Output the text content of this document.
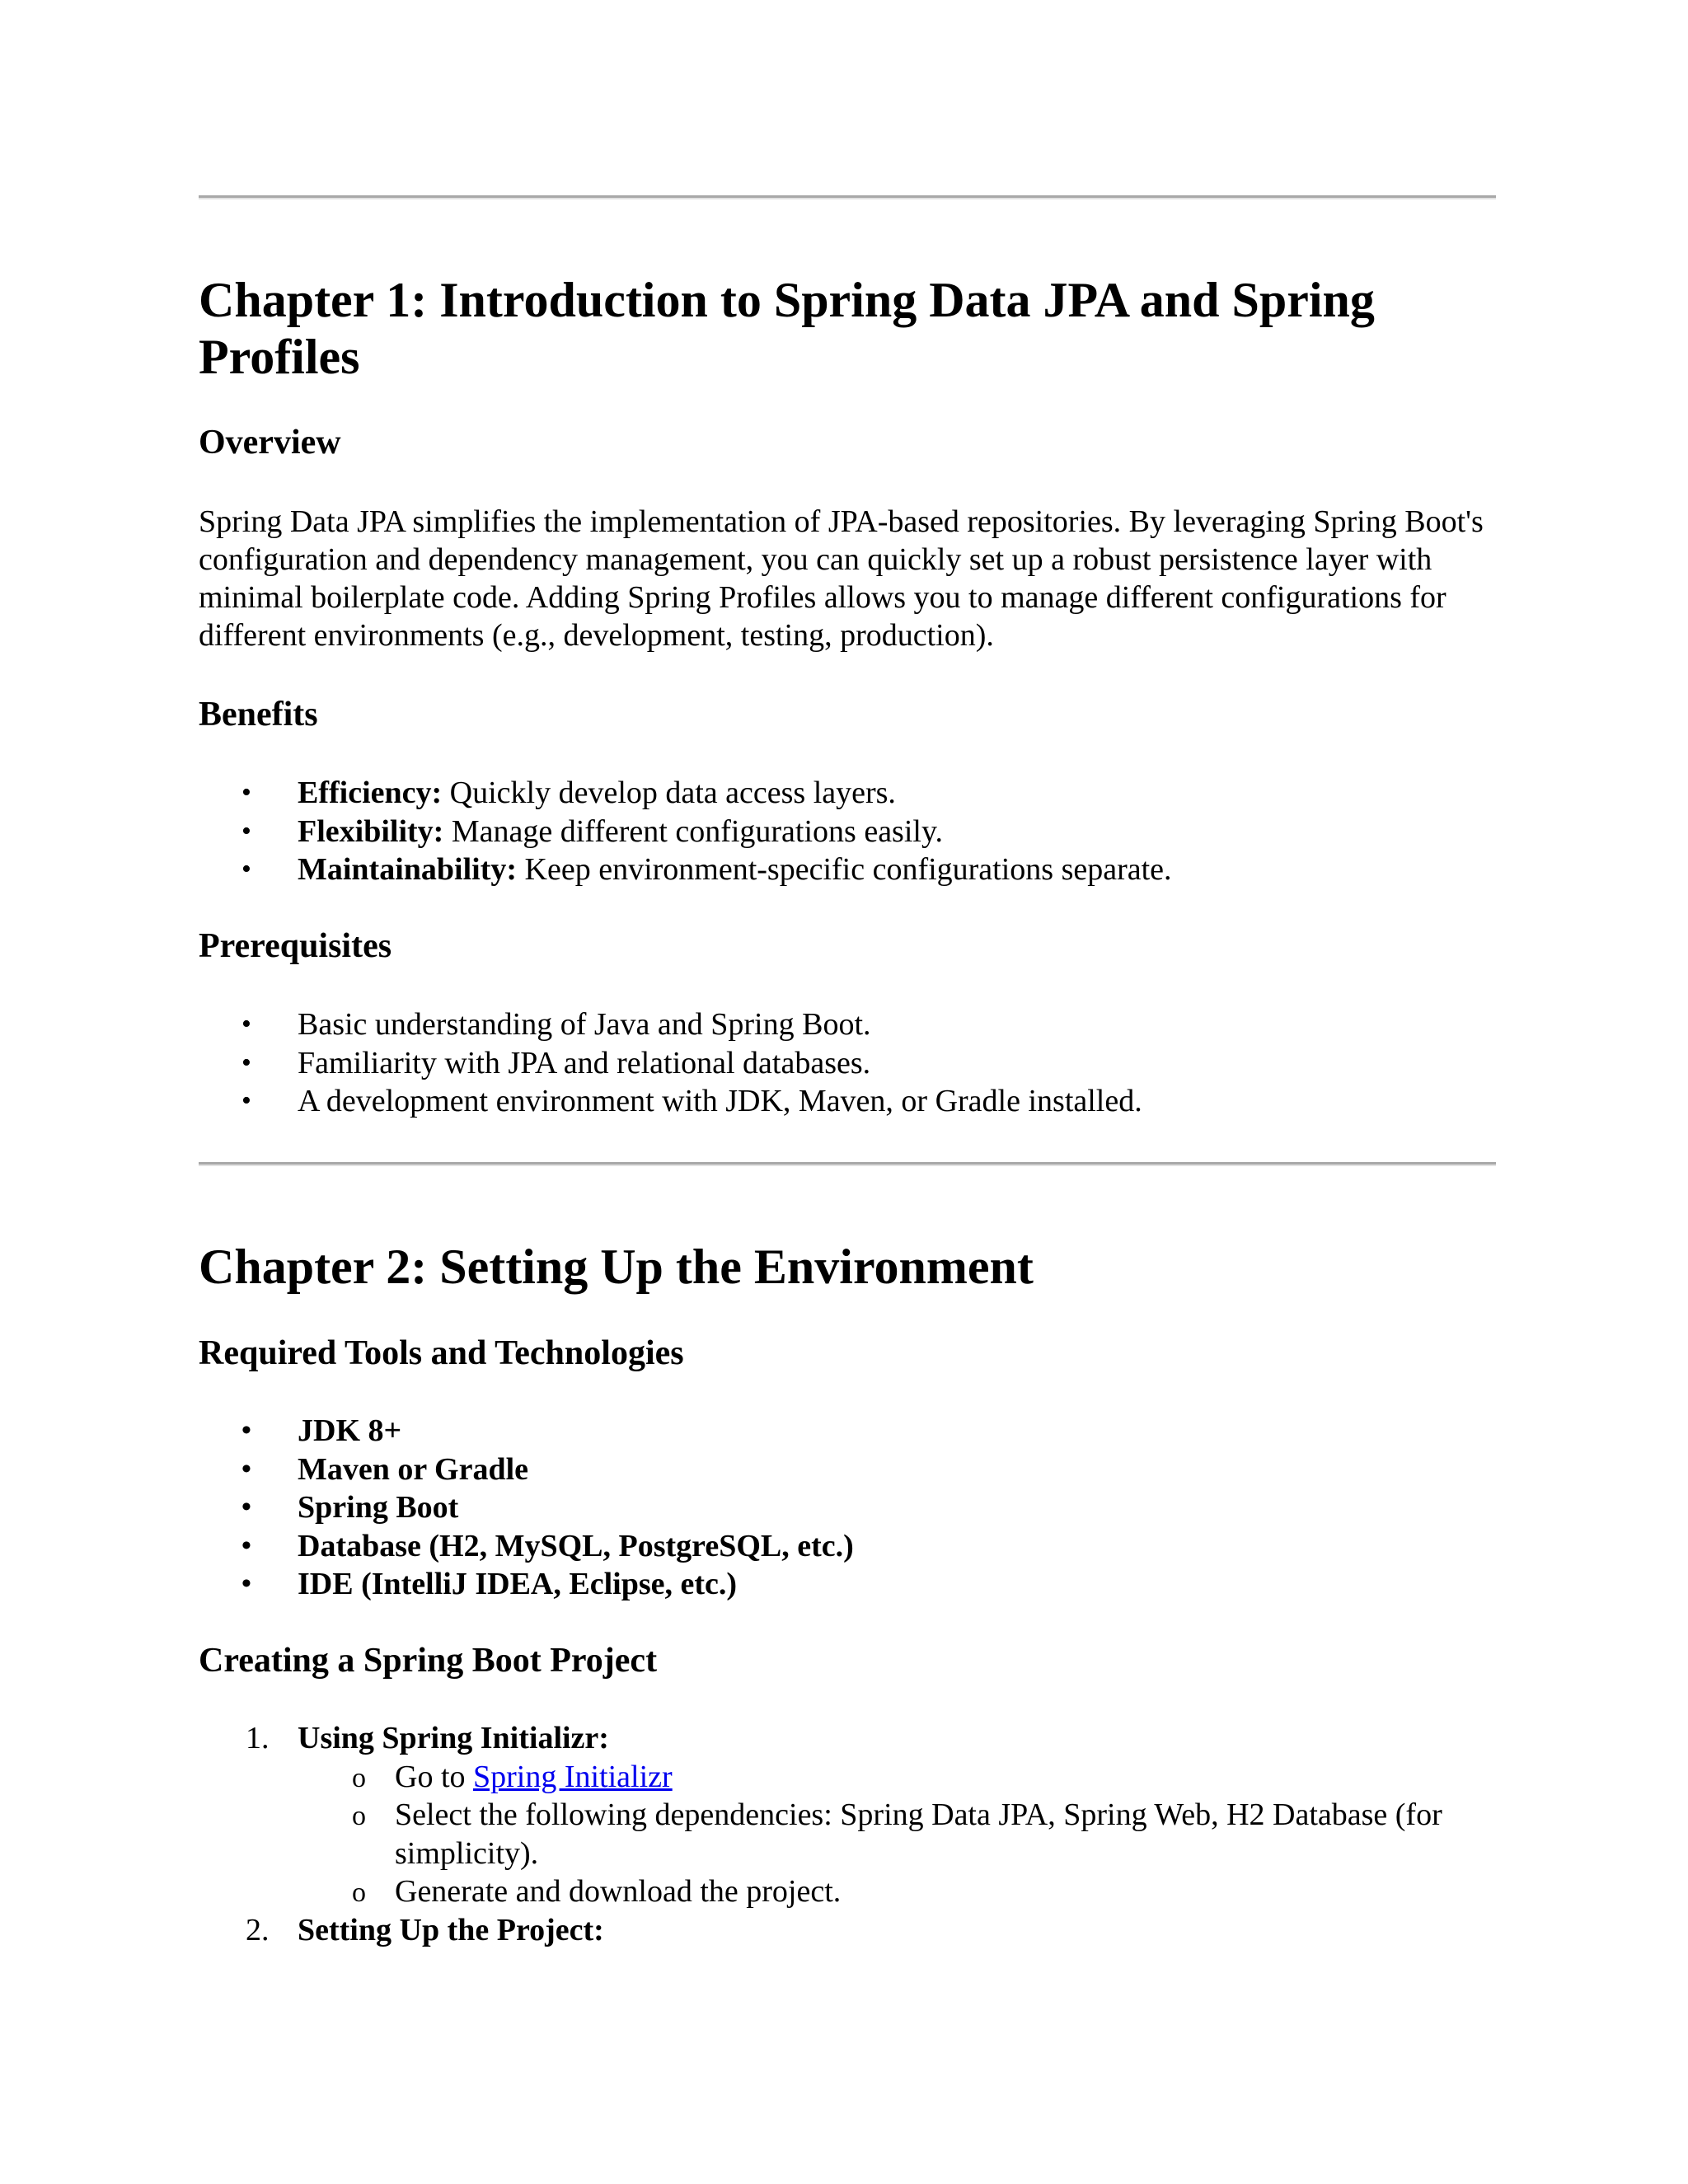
Chapter 1: Introduction to Spring Data JPA and Spring Profiles
Overview

Spring Data JPA simplifies the implementation of JPA-based repositories. By leveraging Spring Boot's configuration and dependency management, you can quickly set up a robust persistence layer with minimal boilerplate code. Adding Spring Profiles allows you to manage different configurations for different environments (e.g., development, testing, production).

Benefits
• Efficiency: Quickly develop data access layers.
• Flexibility: Manage different configurations easily.
• Maintainability: Keep environment-specific configurations separate.
Prerequisites
• Basic understanding of Java and Spring Boot.
• Familiarity with JPA and relational databases.
• A development environment with JDK, Maven, or Gradle installed.
Chapter 2: Setting Up the Environment
Required Tools and Technologies
• JDK 8+
• Maven or Gradle
• Spring Boot
• Database (H2, MySQL, PostgreSQL, etc.)
• IDE (IntelliJ IDEA, Eclipse, etc.)
Creating a Spring Boot Project
1. Using Spring Initializr:
o Go to Spring Initializr
o Select the following dependencies: Spring Data JPA, Spring Web, H2 Database (for simplicity).
o Generate and download the project.
2. Setting Up the Project:
